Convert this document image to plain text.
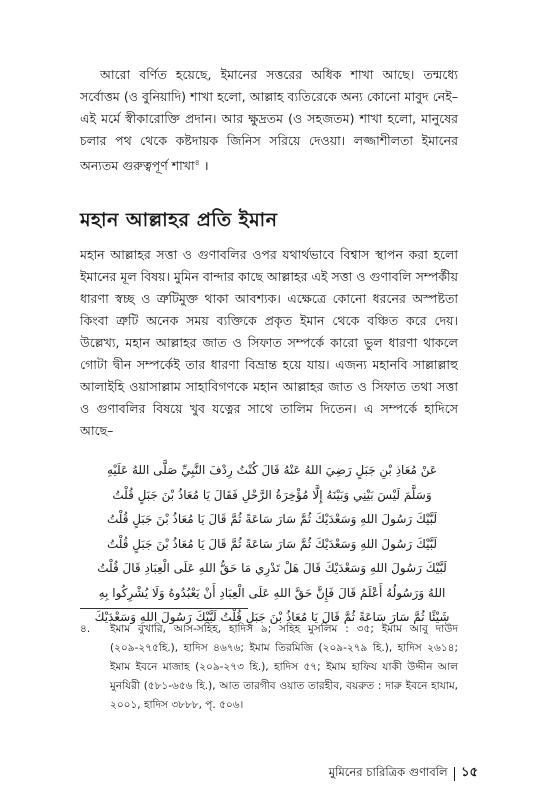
আরো বর্ণিত হয়েছে, ইমানের সত্তরের অধিক শাখা আছে। তন্মধ্যে সর্বোত্তম (ও বুনিয়াদি) শাখা হলো, আল্লাহ ব্যতিরেকে অন্য কোনো মাবুদ নেই–এই মর্মে স্বীকারোক্তি প্রদান। আর ক্ষুদ্রতম (ও সহজতম) শাখা হলো, মানুষের চলার পথ থেকে কষ্টদায়ক জিনিস সরিয়ে দেওয়া। লজ্জাশীলতা ইমানের অন্যতম গুরুত্বপূর্ণ শাখা$^৪$ ।

মহান আল্লাহর প্রতি ইমান

মহান আল্লাহর সত্তা ও গুণাবলির ওপর যথার্থভাবে বিশ্বাস স্থাপন করা হলো ইমানের মূল বিষয়। মুমিন বান্দার কাছে আল্লাহর এই সত্তা ও গুণাবলি সম্পর্কীয় ধারণা স্বচ্ছ ও ত্রুটিমুক্ত থাকা আবশ্যক। এক্ষেত্রে কোনো ধরনের অস্পষ্টতা কিংবা ত্রুটি অনেক সময় ব্যক্তিকে প্রকৃত ইমান থেকে বঞ্চিত করে দেয়। উল্লেখ্য, মহান আল্লাহর জাত ও সিফাত সম্পর্কে কারো ভুল ধারণা থাকলে গোটা দ্বীন সম্পর্কেই তার ধারণা বিভ্রান্ত হয়ে যায়। এজন্য মহানবি সাল্লাল্লাহু আলাইহি ওয়াসাল্লাম সাহাবিগণকে মহান আল্লাহর জাত ও সিফাত তথা সত্তা ও গুণাবলির বিষয়ে খুব যত্নের সাথে তালিম দিতেন। এ সম্পর্কে হাদিসে আছে–

عَنْ مُعَاذِ بْنِ جَبَلٍ رَضِيَ اللهُ عَنْهُ قَالَ كُنْتُ رِدْفَ النَّبِيِّ صَلَّى اللهُ عَلَيْهِ
وَسَلَّمَ لَيْسَ بَيْنِي وَبَيْنَهُ إِلَّا مُؤْخِرَةُ الرَّحْلِ فَقَالَ يَا مُعَاذُ بْنَ جَبَلٍ قُلْتُ
لَبَّيْكَ رَسُولَ اللهِ وَسَعْدَيْكَ ثُمَّ سَارَ سَاعَةً ثُمَّ قَالَ يَا مُعَاذُ بْنَ جَبَلٍ قُلْتُ
لَبَّيْكَ رَسُولَ اللهِ وَسَعْدَيْكَ ثُمَّ سَارَ سَاعَةً ثُمَّ قَالَ يَا مُعَاذُ بْنَ جَبَلٍ قُلْتُ
لَبَّيْكَ رَسُولَ اللهِ وَسَعْدَيْكَ قَالَ هَلْ تَدْرِي مَا حَقُّ اللهِ عَلَى الْعِبَادِ قَالَ قُلْتُ
اللهُ وَرَسُولُهُ أَعْلَمُ قَالَ فَإِنَّ حَقَّ اللهِ عَلَى الْعِبَادِ أَنْ يَعْبُدُوهُ وَلَا يُشْرِكُوا بِهِ
شَيْئًا ثُمَّ سَارَ سَاعَةً ثُمَّ قَالَ يَا مُعَاذُ بْنَ جَبَلٍ قُلْتُ لَبَّيْكَ رَسُولَ اللهِ وَسَعْدَيْكَ
৪. ইমাম বুখারি, আস-সহিহ, হাদিস ৯; সহিহ মুসলিম : ৩৫; ইমাম আবু দাউদ (২০৯-২৭৫হি.), হাদিস ৪৬৭৬; ইমাম তিরমিজি (২০৯-২৭৯ হি.), হাদিস ২৬১৪; ইমাম ইবনে মাজাহ (২০৯-২৭৩ হি.), হাদিস ৫৭; ইমাম হাফিয যাকী উদ্দীন আল মুনযিরী (৫৮১-৬৫৬ হি.), আত তারগীব ওয়াত তারহীব, বয়রুত : দারু ইবনে হাযাম, ২০০১, হাদিস ৩৮৮৮, পৃ. ৫০৬।
মুমিনের চারিত্রিক গুণাবলি ১৫
